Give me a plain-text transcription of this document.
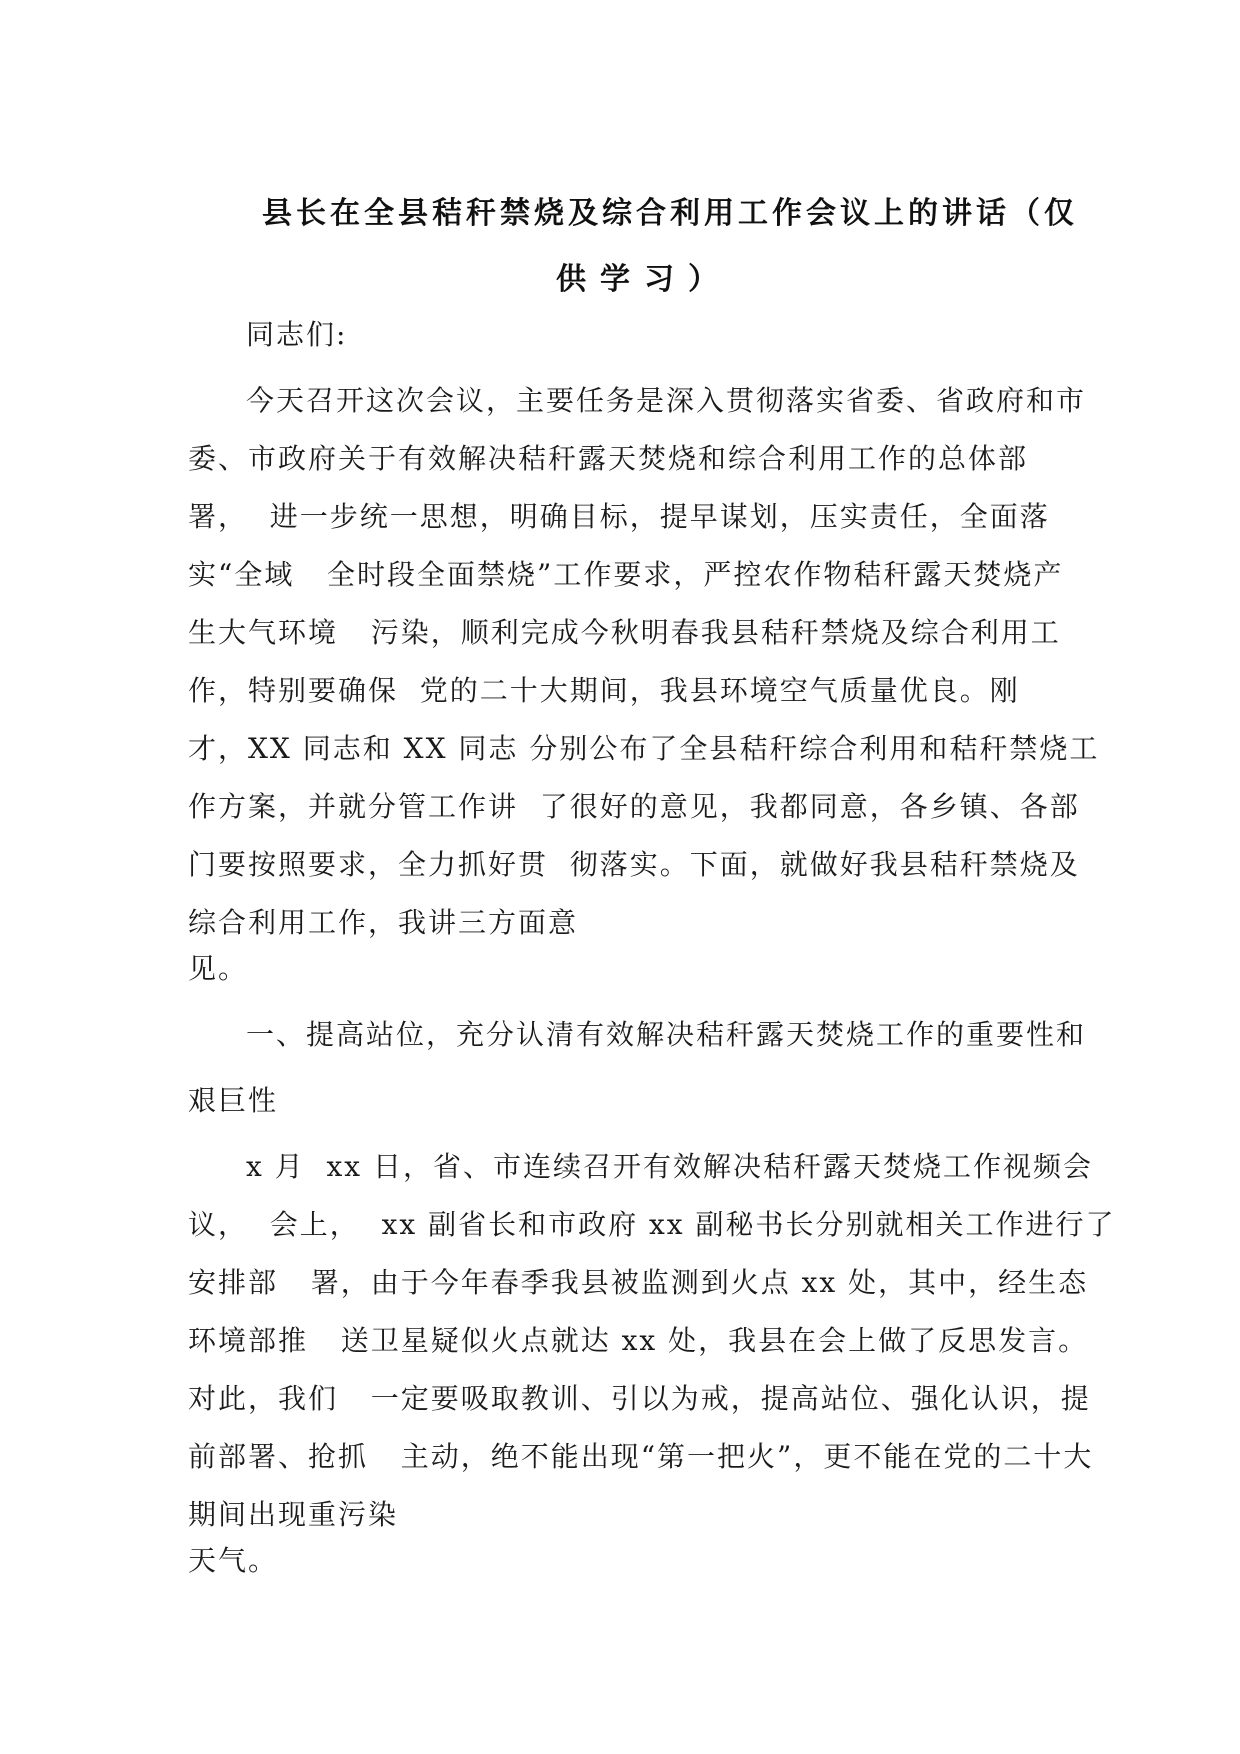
县长在全县秸秆禁烧及综合利用工作会议上的讲话（仅
供学习）
同志们:
今天召开这次会议，主要任务是深入贯彻落实省委、省政府和市
委、市政府关于有效解决秸秆露天焚烧和综合利用工作的总体部
署，  进一步统一思想，明确目标，提早谋划，压实责任，全面落
实“全域   全时段全面禁烧”工作要求，严控农作物秸秆露天焚烧产
生大气环境   污染，顺利完成今秋明春我县秸秆禁烧及综合利用工
作，特别要确保  党的二十大期间，我县环境空气质量优良。刚
才，XX 同志和 XX 同志 分别公布了全县秸秆综合利用和秸秆禁烧工
作方案，并就分管工作讲  了很好的意见，我都同意，各乡镇、各部
门要按照要求，全力抓好贯  彻落实。下面，就做好我县秸秆禁烧及
综合利用工作，我讲三方面意
见。
一、提高站位，充分认清有效解决秸秆露天焚烧工作的重要性和
艰巨性
x 月  xx 日，省、市连续召开有效解决秸秆露天焚烧工作视频会
议，  会上，  xx 副省长和市政府 xx 副秘书长分别就相关工作进行了
安排部   署，由于今年春季我县被监测到火点 xx 处，其中，经生态
环境部推   送卫星疑似火点就达 xx 处，我县在会上做了反思发言。
对此，我们   一定要吸取教训、引以为戒，提高站位、强化认识，提
前部署、抢抓   主动，绝不能出现“第一把火”，更不能在党的二十大
期间出现重污染
天气。
